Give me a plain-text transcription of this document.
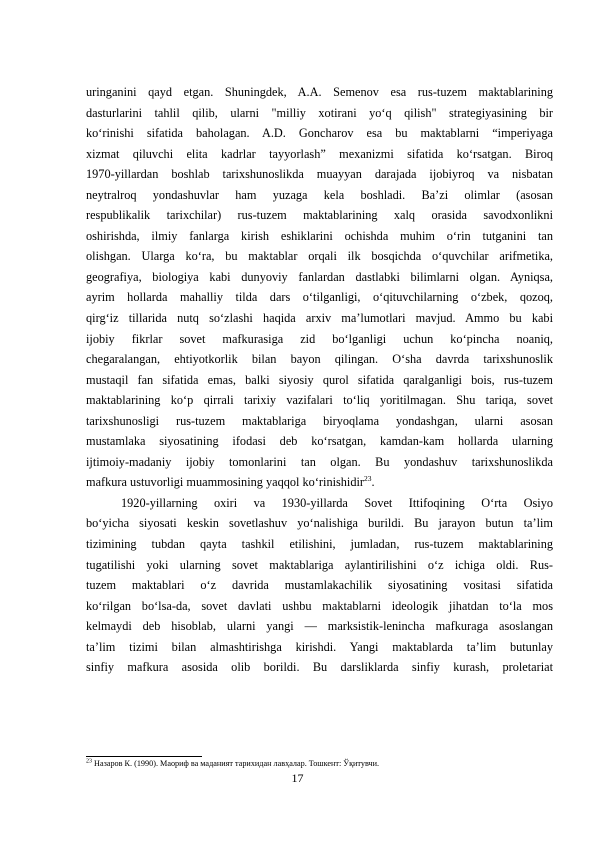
uringanini qayd etgan. Shuningdek, A.A. Semenov esa rus-tuzem maktablarining
dasturlarini tahlil qilib, ularni "milliy xotirani yo‘q qilish" strategiyasining bir
ko‘rinishi sifatida baholagan. A.D. Goncharov esa bu maktablarni “imperiyaga
xizmat qiluvchi elita kadrlar tayyorlash” mexanizmi sifatida ko‘rsatgan. Biroq
1970-yillardan boshlab tarixshunoslikda muayyan darajada ijobiyroq va nisbatan
neytralroq yondashuvlar ham yuzaga kela boshladi. Ba’zi olimlar (asosan
respublikalik tarixchilar) rus-tuzem maktablarining xalq orasida savodxonlikni
oshirishda, ilmiy fanlarga kirish eshiklarini ochishda muhim o‘rin tutganini tan
olishgan. Ularga ko‘ra, bu maktablar orqali ilk bosqichda o‘quvchilar arifmetika,
geografiya, biologiya kabi dunyoviy fanlardan dastlabki bilimlarni olgan. Ayniqsa,
ayrim hollarda mahalliy tilda dars o‘tilganligi, o‘qituvchilarning o‘zbek, qozoq,
qirg‘iz tillarida nutq so‘zlashi haqida arxiv ma’lumotlari mavjud. Ammo bu kabi
ijobiy fikrlar sovet mafkurasiga zid bo‘lganligi uchun ko‘pincha noaniq,
chegaralangan, ehtiyotkorlik bilan bayon qilingan. O‘sha davrda tarixshunoslik
mustaqil fan sifatida emas, balki siyosiy qurol sifatida qaralganligi bois, rus-tuzem
maktablarining ko‘p qirrali tarixiy vazifalari to‘liq yoritilmagan. Shu tariqa, sovet
tarixshunosligi rus-tuzem maktablariga biryoqlama yondashgan, ularni asosan
mustamlaka siyosatining ifodasi deb ko‘rsatgan, kamdan-kam hollarda ularning
ijtimoiy-madaniy ijobiy tomonlarini tan olgan. Bu yondashuv tarixshunoslikda
mafkura ustuvorligi muammosining yaqqol ko‘rinishidir$^{23}$.
1920-yillarning oxiri va 1930-yillarda Sovet Ittifoqining O‘rta Osiyo
bo‘yicha siyosati keskin sovetlashuv yo‘nalishiga burildi. Bu jarayon butun ta’lim
tizimining tubdan qayta tashkil etilishini, jumladan, rus-tuzem maktablarining
tugatilishi yoki ularning sovet maktablariga aylantirilishini o‘z ichiga oldi. Rus-
tuzem maktablari o‘z davrida mustamlakachilik siyosatining vositasi sifatida
ko‘rilgan bo‘lsa-da, sovet davlati ushbu maktablarni ideologik jihatdan to‘la mos
kelmaydi deb hisoblab, ularni yangi — marksistik-lenincha mafkuraga asoslangan
ta’lim tizimi bilan almashtirishga kirishdi. Yangi maktablarda ta’lim butunlay
sinfiy mafkura asosida olib borildi. Bu darsliklarda sinfiy kurash, proletariat
$^{23}$ Назаров К. (1990). Маориф ва маданият тарихидан лавҳалар. Тошкент: Ўқитувчи.
17
